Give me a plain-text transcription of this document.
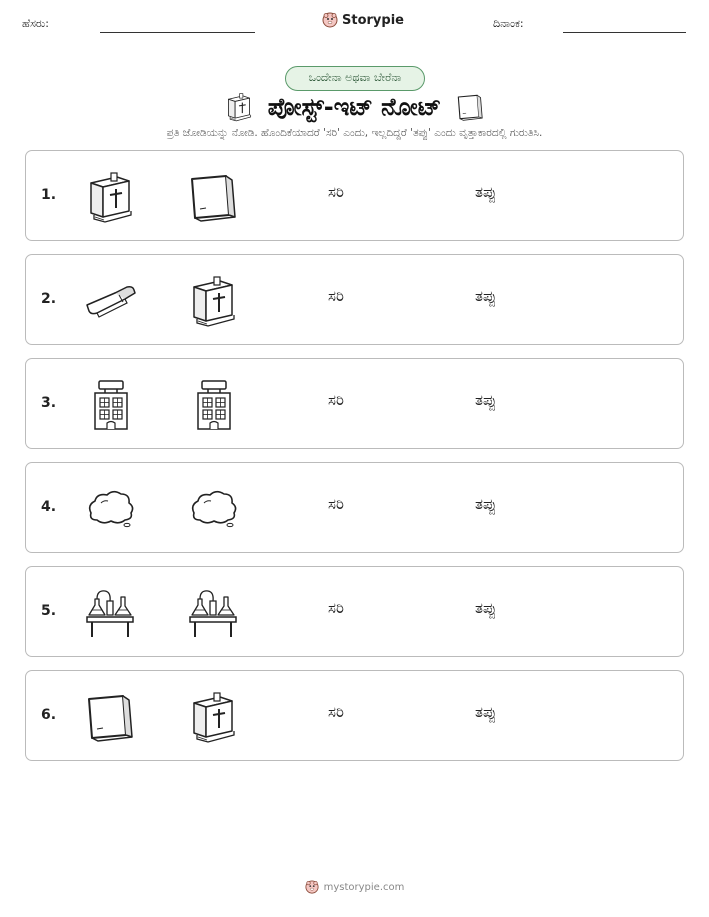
ಹೆಸರು:	Storypie	ದಿನಾಂಕ:
ಒಂದೇನಾ ಅಥವಾ ಬೇರೆನಾ
ಪೋಸ್ಟ್-ಇಟ್ ನೋಟ್
ಪ್ರತಿ ಜೋಡಿಯನ್ನು ನೋಡಿ. ಹೊಂದಿಕೆಯಾದರೆ 'ಸರಿ' ಎಂದು, ಇಲ್ಲದಿದ್ದರೆ 'ತಪ್ಪು' ಎಂದು ವೃತ್ತಾಕಾರದಲ್ಲಿ ಗುರುತಿಸಿ.
1.	ಸರಿ	ತಪ್ಪು
2.	ಸರಿ	ತಪ್ಪು
3.	ಸರಿ	ತಪ್ಪು
4.	ಸರಿ	ತಪ್ಪು
5.	ಸರಿ	ತಪ್ಪು
6.	ಸರಿ	ತಪ್ಪು
mystorypie.com
